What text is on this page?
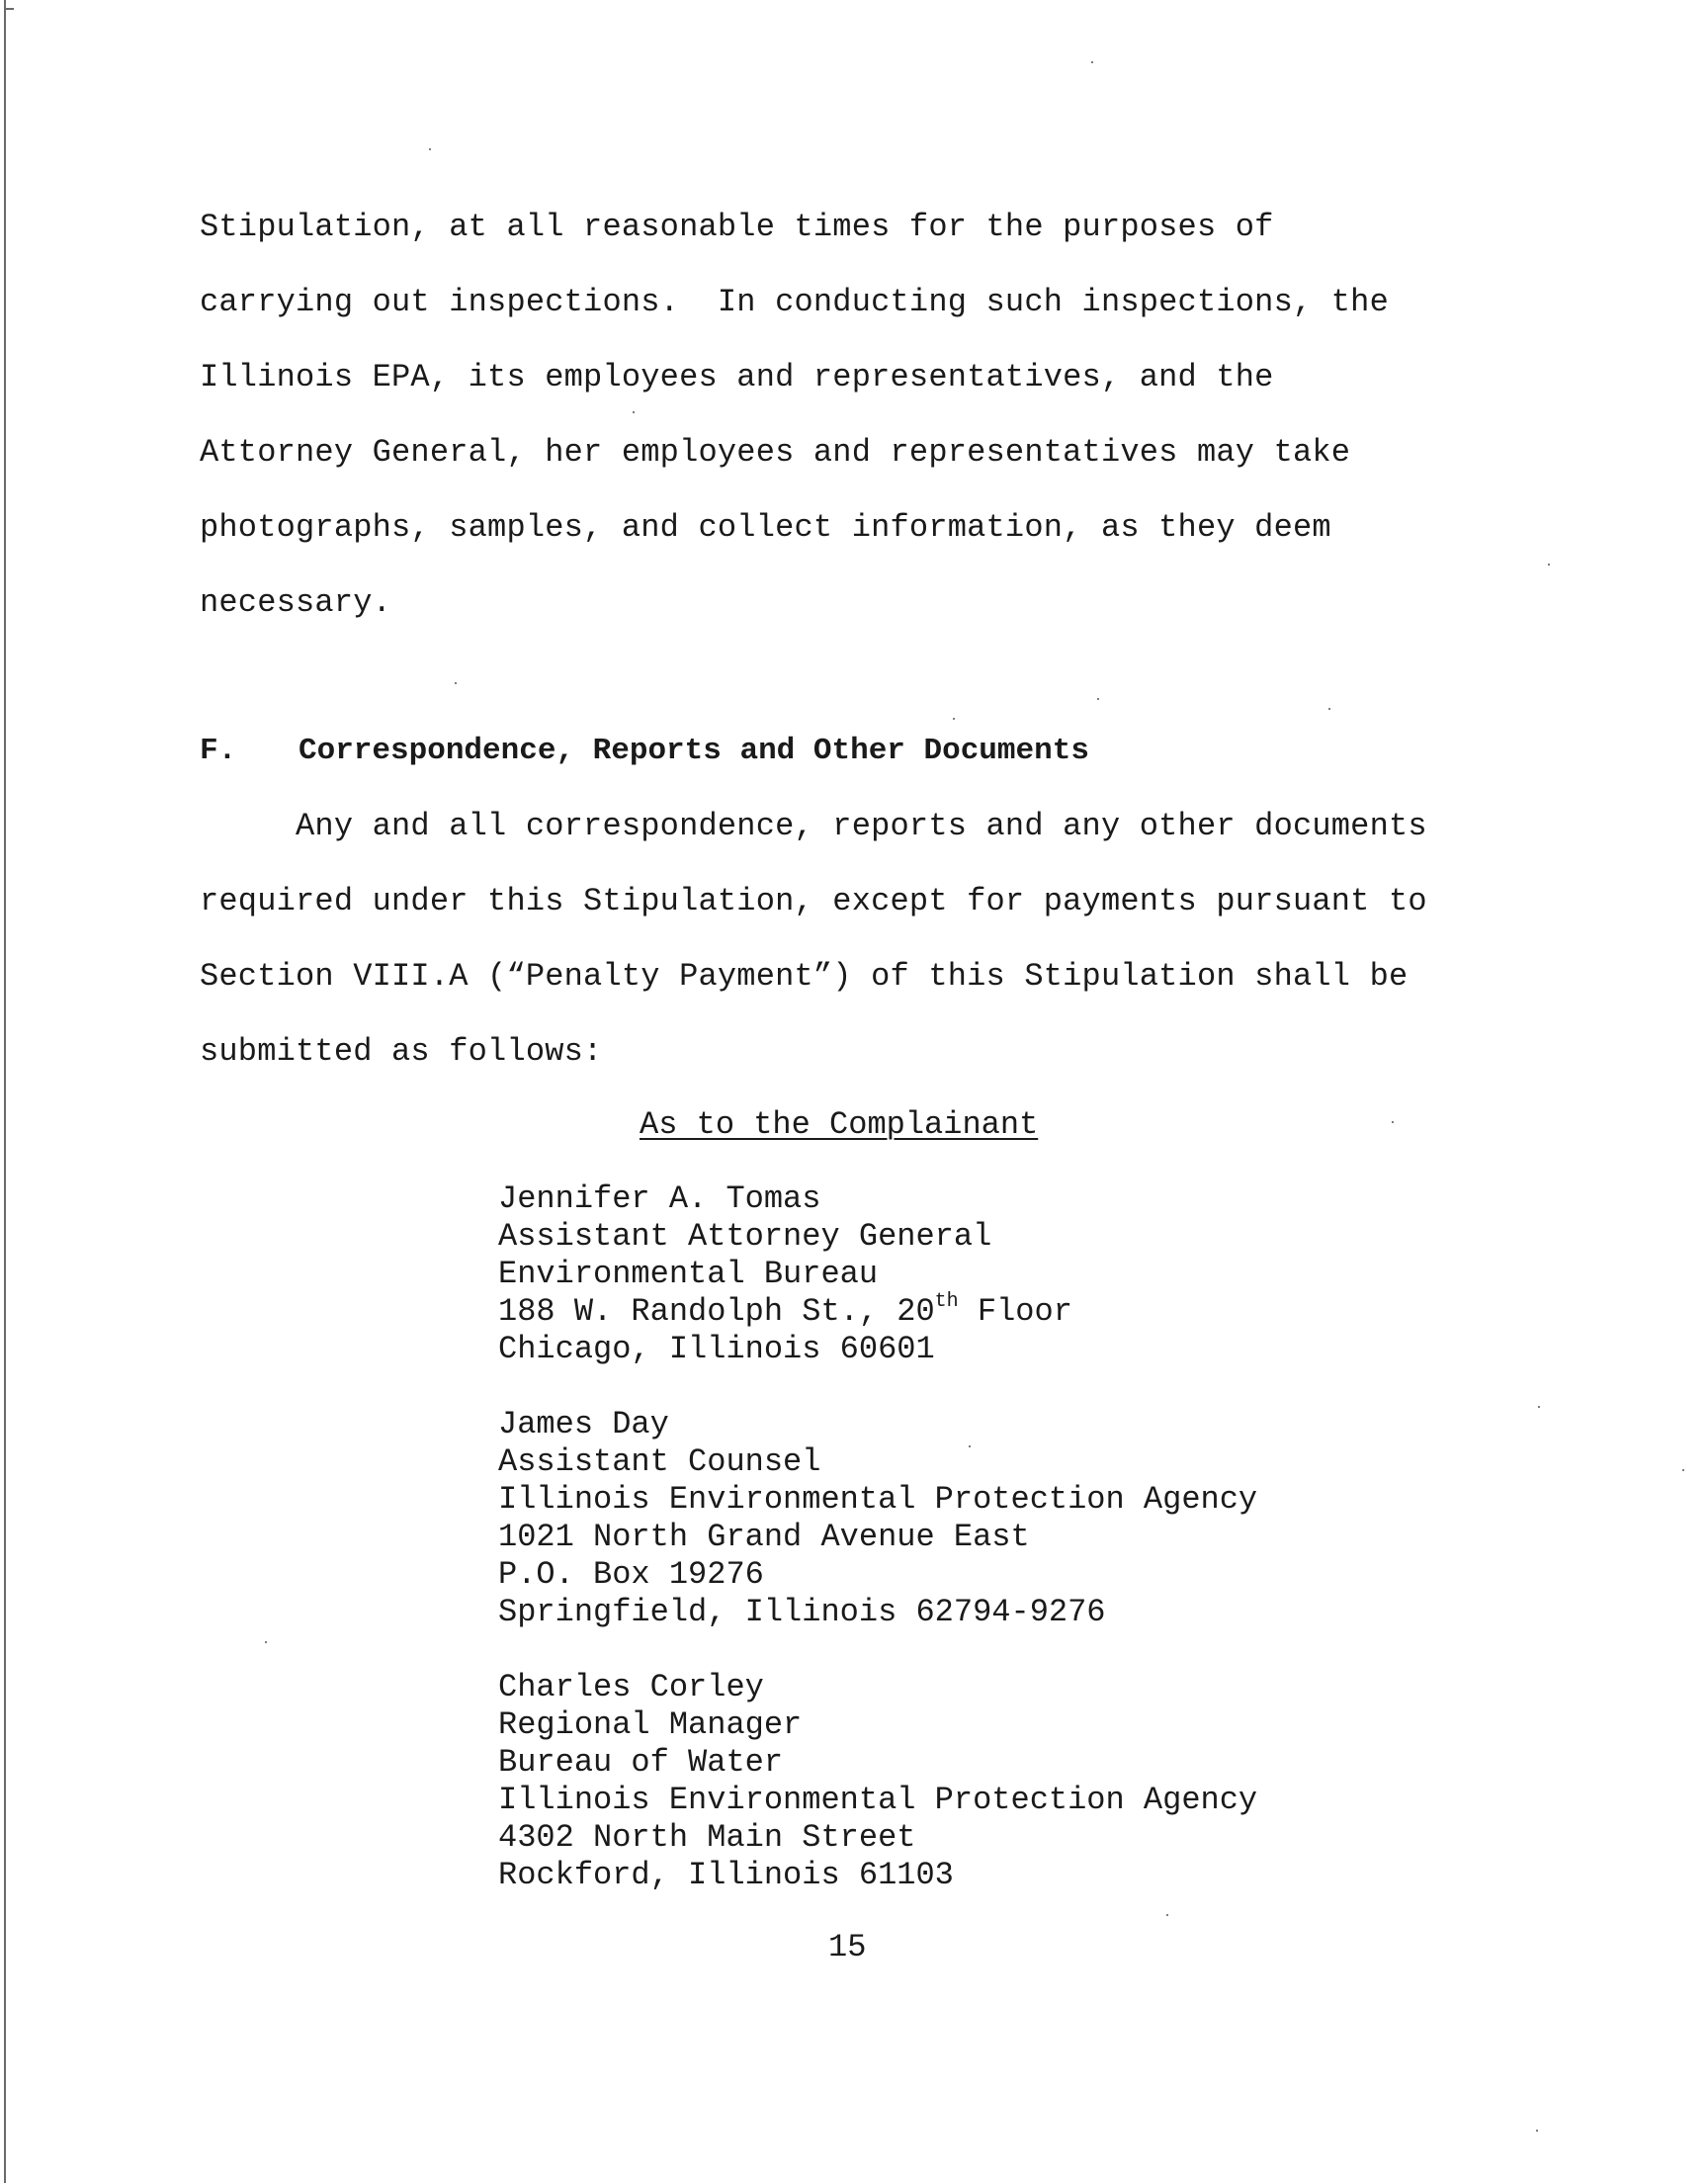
Stipulation, at all reasonable times for the purposes of
carrying out inspections.  In conducting such inspections, the
Illinois EPA, its employees and representatives, and the
Attorney General, her employees and representatives may take
photographs, samples, and collect information, as they deem
necessary.
F. Correspondence, Reports and Other Documents
Any and all correspondence, reports and any other documents
required under this Stipulation, except for payments pursuant to
Section VIII.A (“Penalty Payment”) of this Stipulation shall be
submitted as follows:
As to the Complainant
Jennifer A. Tomas
Assistant Attorney General
Environmental Bureau
188 W. Randolph St., 20th Floor
Chicago, Illinois 60601
James Day
Assistant Counsel
Illinois Environmental Protection Agency
1021 North Grand Avenue East
P.O. Box 19276
Springfield, Illinois 62794-9276
Charles Corley
Regional Manager
Bureau of Water
Illinois Environmental Protection Agency
4302 North Main Street
Rockford, Illinois 61103
15
